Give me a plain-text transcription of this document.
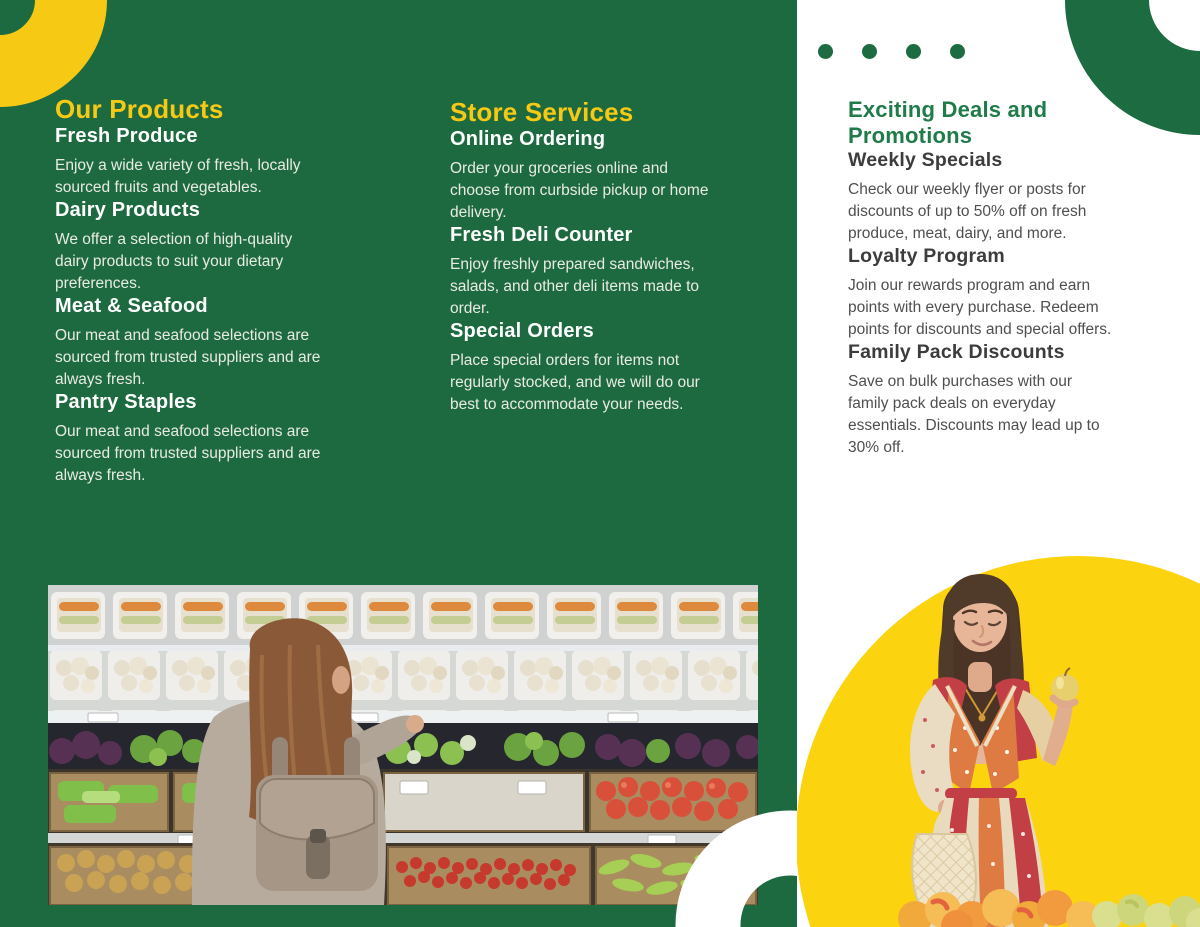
Our Products
Fresh Produce

Enjoy a wide variety of fresh, locally sourced fruits and vegetables.

Dairy Products

We offer a selection of high-quality dairy products to suit your dietary preferences.

Meat & Seafood

Our meat and seafood selections are sourced from trusted suppliers and are always fresh.

Pantry Staples

Our meat and seafood selections are sourced from trusted suppliers and are always fresh.

Store Services
Online Ordering

Order your groceries online and choose from curbside pickup or home delivery.

Fresh Deli Counter

Enjoy freshly prepared sandwiches, salads, and other deli items made to order.

Special Orders

Place special orders for items not regularly stocked, and we will do our best to accommodate your needs.

Exciting Deals and Promotions
Weekly Specials

Check our weekly flyer or posts for discounts of up to 50% off on fresh produce, meat, dairy, and more.

Loyalty Program

Join our rewards program and earn points with every purchase. Redeem points for discounts and special offers.

Family Pack Discounts

Save on bulk purchases with our family pack deals on everyday essentials. Discounts may lead up to 30% off.
